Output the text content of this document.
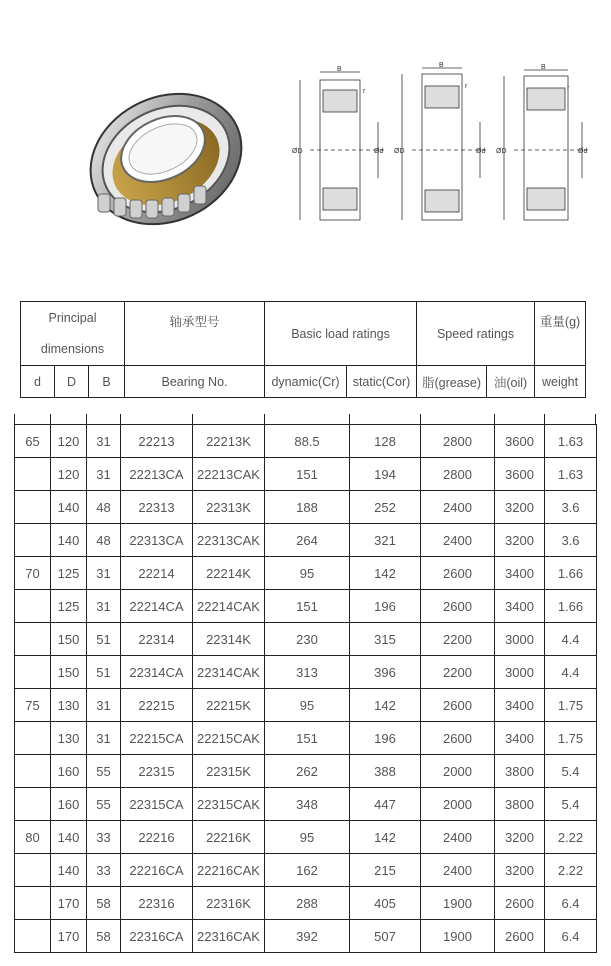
B
r
ØD	Ød
B
r
ØD	Ød
B
r
ØD	Ød
Principal
dimensions			轴承型号	Basic load ratings		Speed ratings		重量(g)
d	D	B	Bearing No.	dynamic(Cr)	static(Cor)	脂(grease)	油(oil)	weight
65	120	31	22213	22213K	88.5	128	2800	3600	1.63
	120	31	22213CA	22213CAK	151	194	2800	3600	1.63
	140	48	22313	22313K	188	252	2400	3200	3.6
	140	48	22313CA	22313CAK	264	321	2400	3200	3.6
70	125	31	22214	22214K	95	142	2600	3400	1.66
	125	31	22214CA	22214CAK	151	196	2600	3400	1.66
	150	51	22314	22314K	230	315	2200	3000	4.4
	150	51	22314CA	22314CAK	313	396	2200	3000	4.4
75	130	31	22215	22215K	95	142	2600	3400	1.75
	130	31	22215CA	22215CAK	151	196	2600	3400	1.75
	160	55	22315	22315K	262	388	2000	3800	5.4
	160	55	22315CA	22315CAK	348	447	2000	3800	5.4
80	140	33	22216	22216K	95	142	2400	3200	2.22
	140	33	22216CA	22216CAK	162	215	2400	3200	2.22
	170	58	22316	22316K	288	405	1900	2600	6.4
	170	58	22316CA	22316CAK	392	507	1900	2600	6.4
